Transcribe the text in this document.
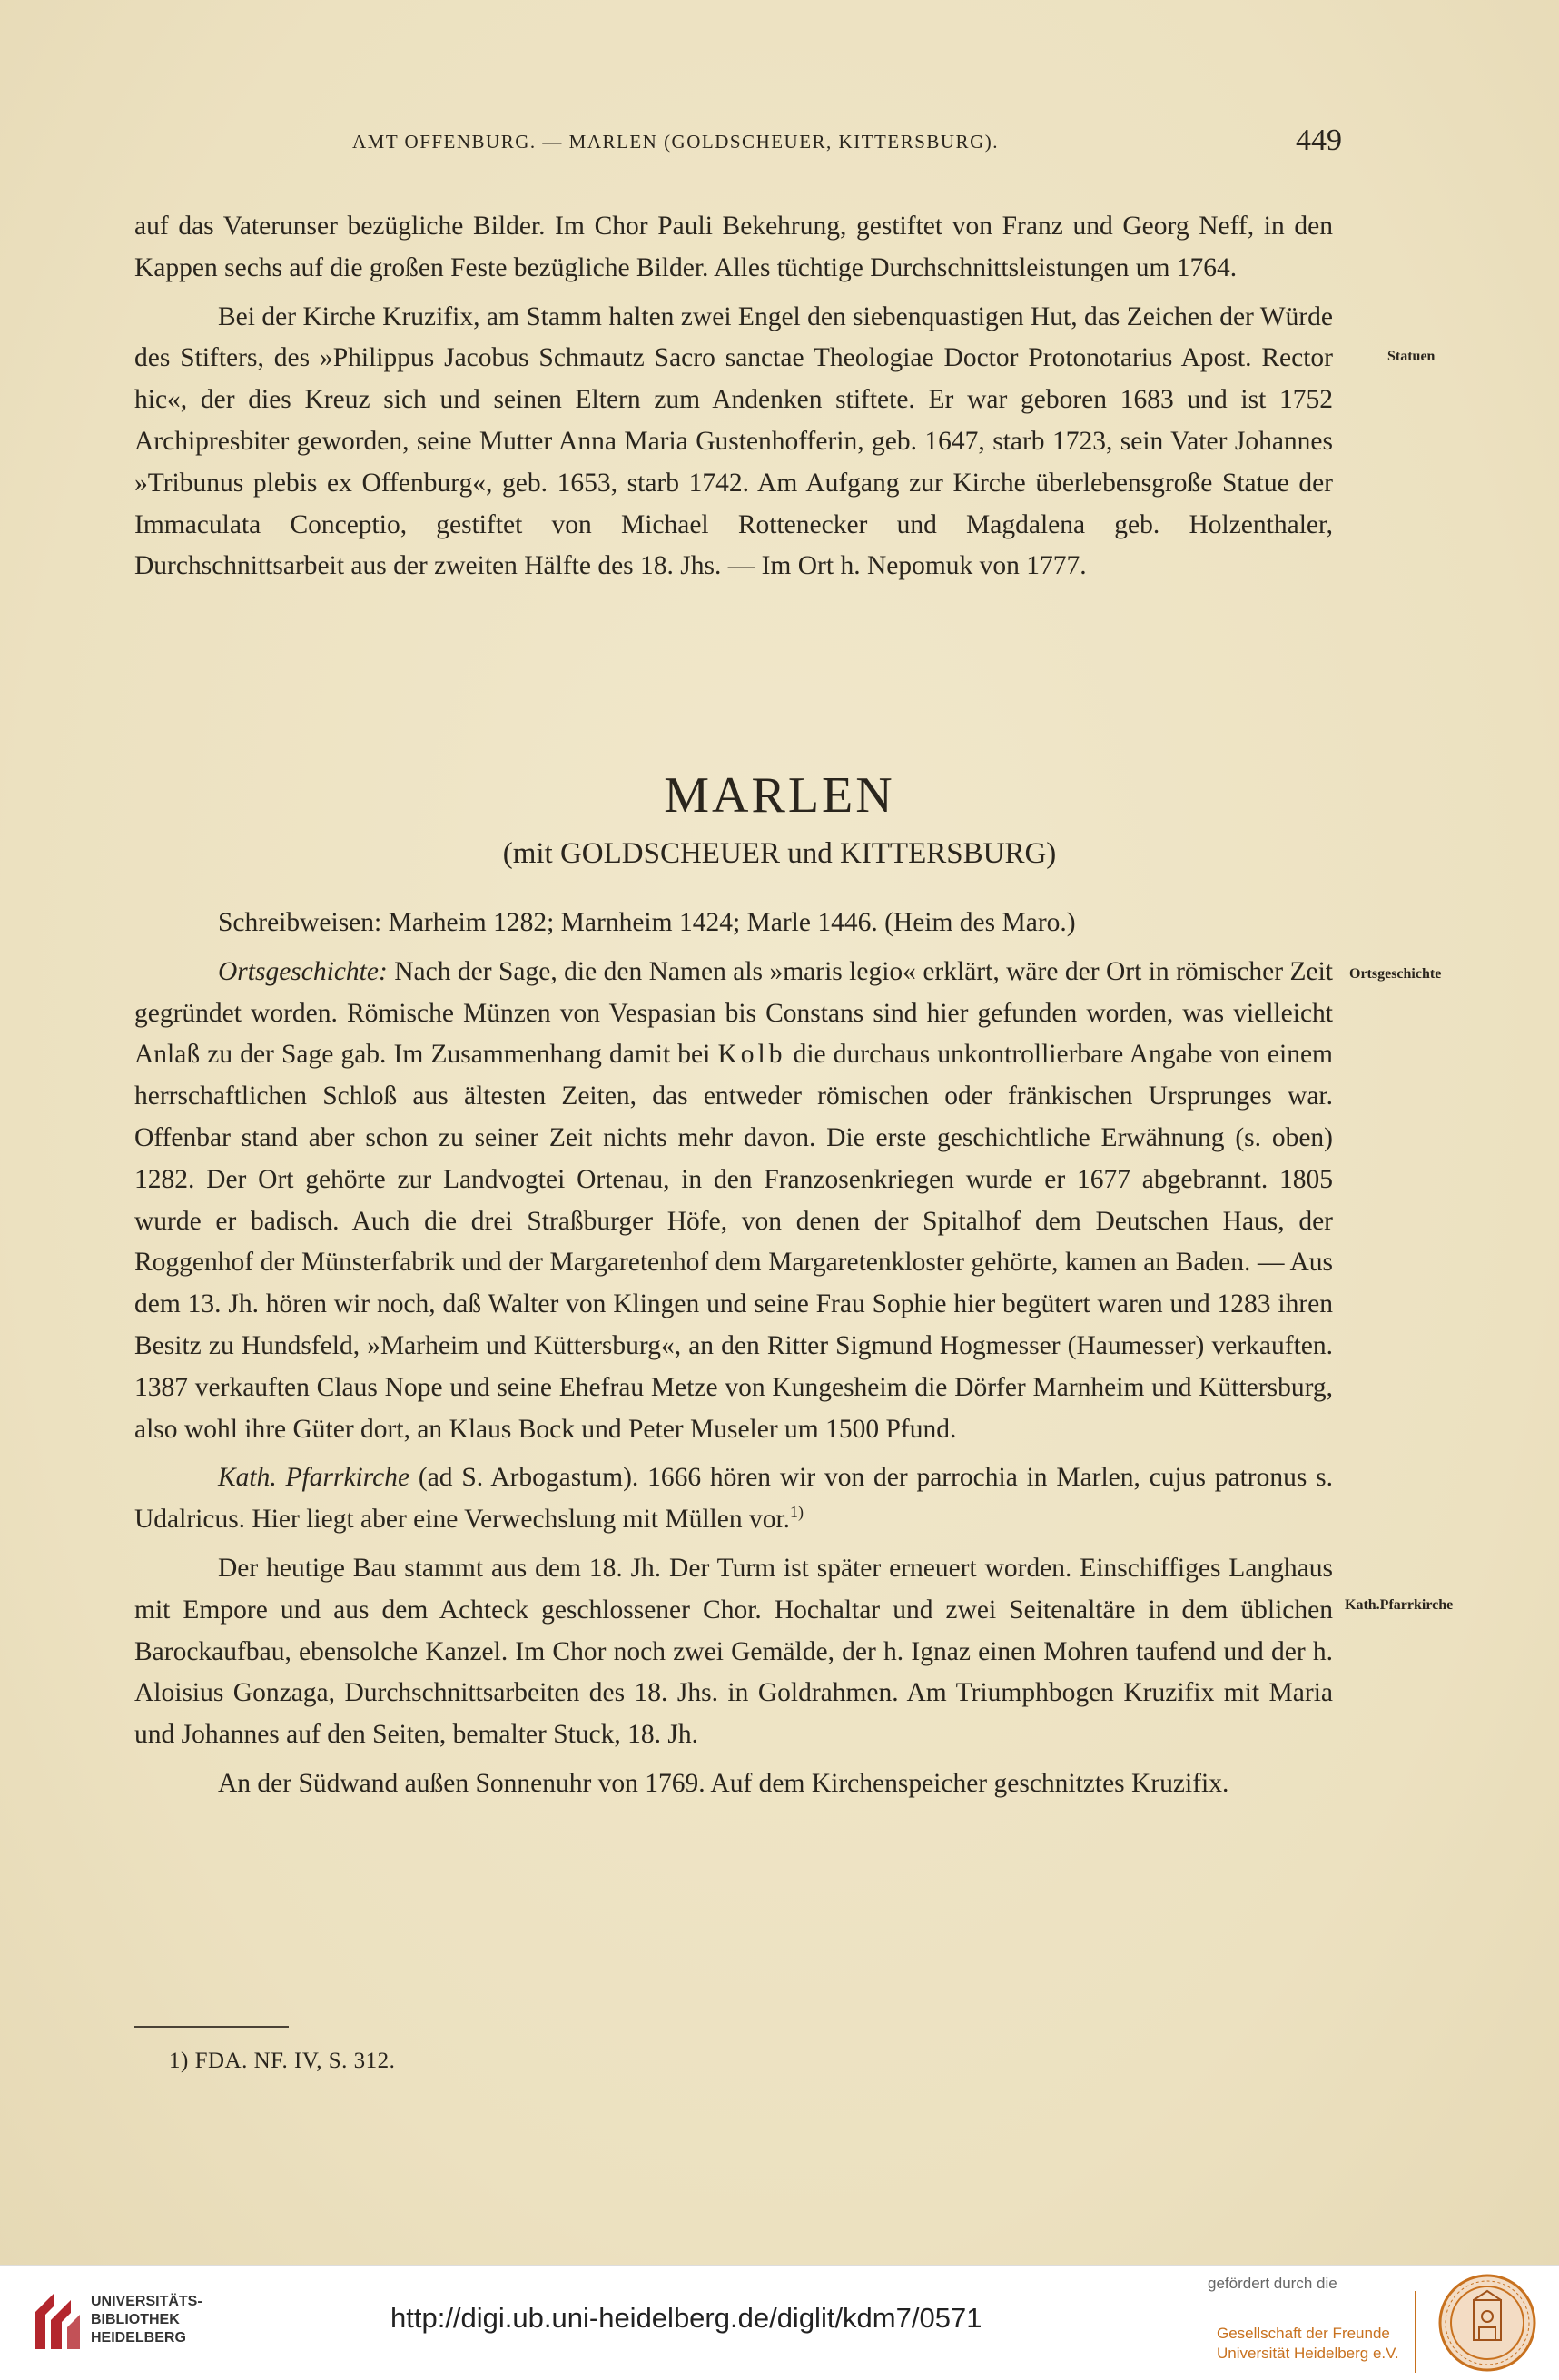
AMT OFFENBURG. — MARLEN (GOLDSCHEUER, KITTERSBURG).	449

auf das Vaterunser bezügliche Bilder. Im Chor Pauli Bekehrung, gestiftet von Franz und Georg Neff, in den Kappen sechs auf die großen Feste bezügliche Bilder. Alles tüchtige Durchschnittsleistungen um 1764.

Bei der Kirche Kruzifix, am Stamm halten zwei Engel den siebenquastigen Hut, das Zeichen der Würde des Stifters, des »Philippus Jacobus Schmautz Sacro sanctae Theologiae Doctor Protonotarius Apost. Rector hic«, der dies Kreuz sich und seinen Eltern zum Andenken stiftete. Er war geboren 1683 und ist 1752 Archipresbiter geworden, seine Mutter Anna Maria Gustenhofferin, geb. 1647, starb 1723, sein Vater Johannes »Tribunus plebis ex Offenburg«, geb. 1653, starb 1742. Am Aufgang zur Kirche überlebensgroße Statue der Immaculata Conceptio, gestiftet von Michael Rottenecker und Magdalena geb. Holzenthaler, Durchschnittsarbeit aus der zweiten Hälfte des 18. Jhs. — Im Ort h. Nepomuk von 1777.

MARLEN
(mit GOLDSCHEUER und KITTERSBURG)

Schreibweisen: Marheim 1282; Marnheim 1424; Marle 1446. (Heim des Maro.)

Ortsgeschichte: Nach der Sage, die den Namen als »maris legio« erklärt, wäre der Ort in römischer Zeit gegründet worden. Römische Münzen von Vespasian bis Constans sind hier gefunden worden, was vielleicht Anlaß zu der Sage gab. Im Zusammenhang damit bei Kolb die durchaus unkontrollierbare Angabe von einem herrschaftlichen Schloß aus ältesten Zeiten, das entweder römischen oder fränkischen Ursprunges war. Offenbar stand aber schon zu seiner Zeit nichts mehr davon. Die erste geschichtliche Erwähnung (s. oben) 1282. Der Ort gehörte zur Landvogtei Ortenau, in den Franzosenkriegen wurde er 1677 abgebrannt. 1805 wurde er badisch. Auch die drei Straßburger Höfe, von denen der Spitalhof dem Deutschen Haus, der Roggenhof der Münsterfabrik und der Margaretenhof dem Margaretenkloster gehörte, kamen an Baden. — Aus dem 13. Jh. hören wir noch, daß Walter von Klingen und seine Frau Sophie hier begütert waren und 1283 ihren Besitz zu Hundsfeld, »Marheim und Küttersburg«, an den Ritter Sigmund Hogmesser (Haumesser) verkauften. 1387 verkauften Claus Nope und seine Ehefrau Metze von Kungesheim die Dörfer Marnheim und Küttersburg, also wohl ihre Güter dort, an Klaus Bock und Peter Museler um 1500 Pfund.

Kath. Pfarrkirche (ad S. Arbogastum). 1666 hören wir von der parrochia in Marlen, cujus patronus s. Udalricus. Hier liegt aber eine Verwechslung mit Müllen vor.$^{1)}$

Der heutige Bau stammt aus dem 18. Jh. Der Turm ist später erneuert worden. Einschiffiges Langhaus mit Empore und aus dem Achteck geschlossener Chor. Hochaltar und zwei Seitenaltäre in dem üblichen Barockaufbau, ebensolche Kanzel. Im Chor noch zwei Gemälde, der h. Ignaz einen Mohren taufend und der h. Aloisius Gonzaga, Durchschnittsarbeiten des 18. Jhs. in Goldrahmen. Am Triumphbogen Kruzifix mit Maria und Johannes auf den Seiten, bemalter Stuck, 18. Jh.

An der Südwand außen Sonnenuhr von 1769. Auf dem Kirchenspeicher geschnitztes Kruzifix.

Statuen
Ortsgeschichte
Kath.Pfarrkirche
1) FDA. NF. IV, S. 312.
UNIVERSITÄTS-
BIBLIOTHEK
HEIDELBERG
http://digi.ub.uni-heidelberg.de/diglit/kdm7/0571
gefördert durch die
Gesellschaft der Freunde
Universität Heidelberg e.V.
